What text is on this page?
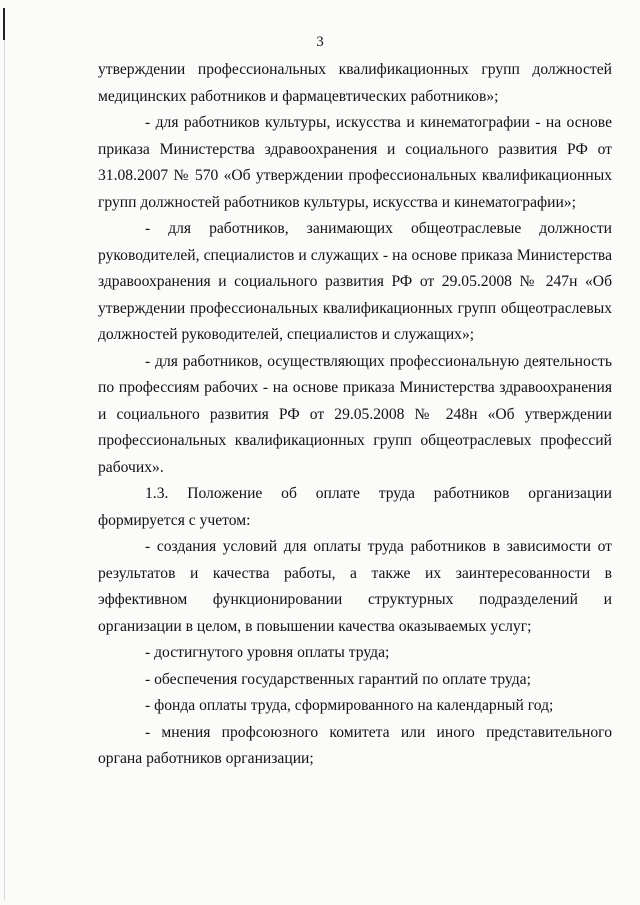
3

утверждении профессиональных квалификационных групп должностей медицинских работников и фармацевтических работников»;

- для работников культуры, искусства и кинематографии - на основе приказа Министерства здравоохранения и социального развития РФ от 31.08.2007 № 570 «Об утверждении профессиональных квалификационных групп должностей работников культуры, искусства и кинематографии»;

- для работников, занимающих общеотраслевые должности руководителей, специалистов и служащих - на основе приказа Министерства здравоохранения и социального развития РФ от 29.05.2008 № 247н «Об утверждении профессиональных квалификационных групп общеотраслевых должностей руководителей, специалистов и служащих»;

- для работников, осуществляющих профессиональную деятельность по профессиям рабочих - на основе приказа Министерства здравоохранения и социального развития РФ от 29.05.2008 № 248н «Об утверждении профессиональных квалификационных групп общеотраслевых профессий рабочих».

1.3. Положение об оплате труда работников организации формируется с учетом:

- создания условий для оплаты труда работников в зависимости от результатов и качества работы, а также их заинтересованности в эффективном функционировании структурных подразделений и организации в целом, в повышении качества оказываемых услуг;

- достигнутого уровня оплаты труда;

- обеспечения государственных гарантий по оплате труда;

- фонда оплаты труда, сформированного на календарный год;

- мнения профсоюзного комитета или иного представительного органа работников организации;
